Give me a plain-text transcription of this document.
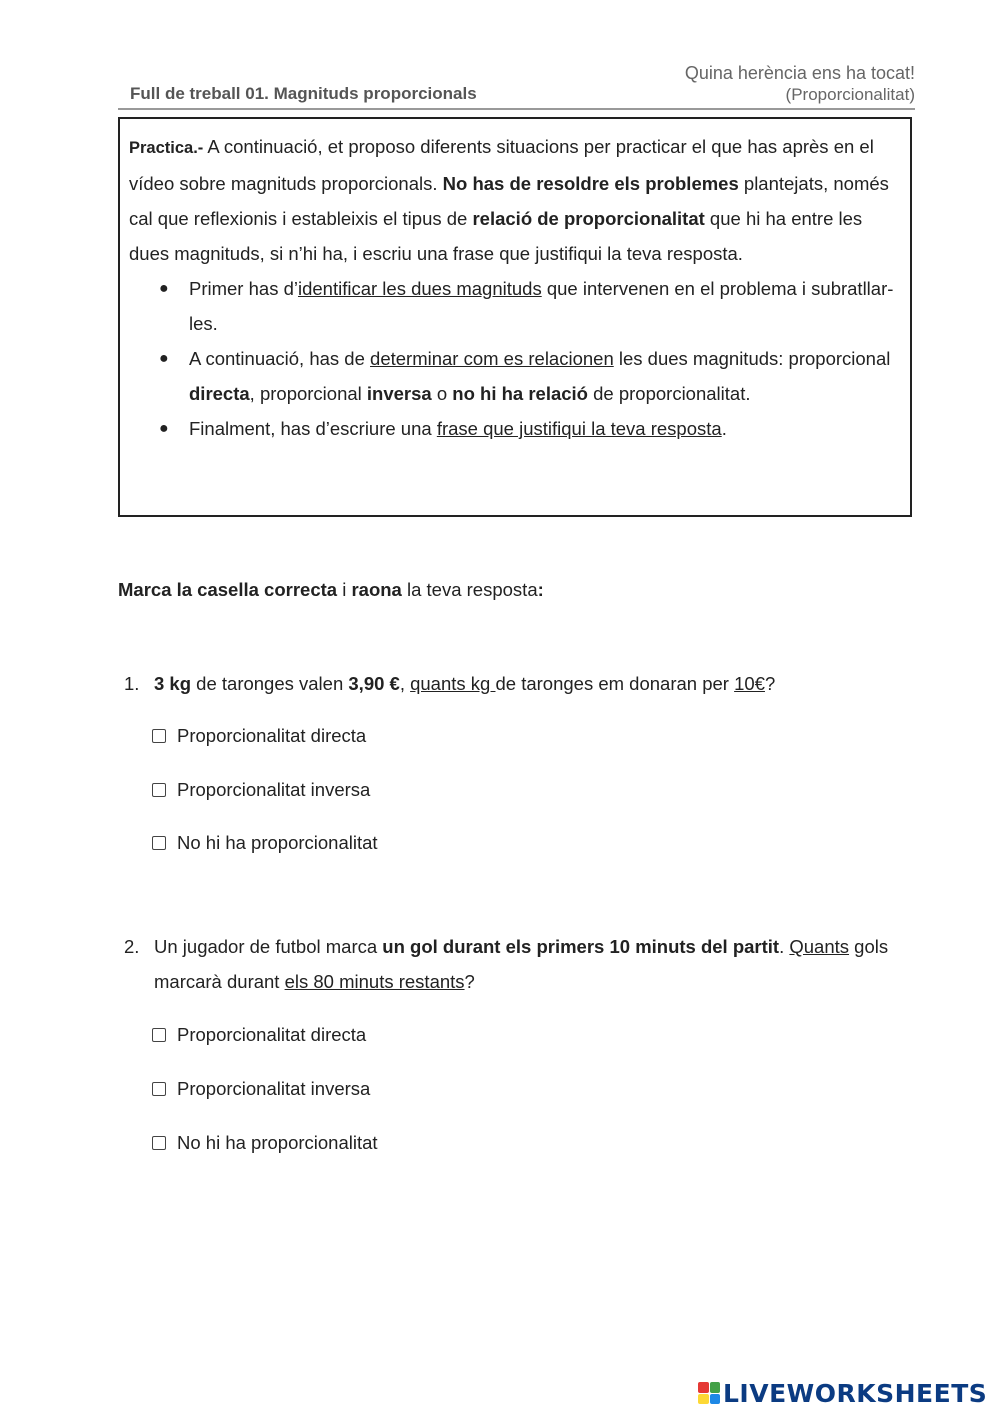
Full de treball 01. Magnituds proporcionals
Quina herència ens ha tocat!
(Proporcionalitat)
Practica.- A continuació, et proposo diferents situacions per practicar el que has après en el vídeo sobre magnituds proporcionals. No has de resoldre els problemes plantejats, només cal que reflexionis i estableixis el tipus de relació de proporcionalitat que hi ha entre les dues magnituds, si n’hi ha, i escriu una frase que justifiqui la teva resposta.
● Primer has d’identificar les dues magnituds que intervenen en el problema i subratllar-les.
● A continuació, has de determinar com es relacionen les dues magnituds: proporcional directa, proporcional inversa o no hi ha relació de proporcionalitat.
● Finalment, has d’escriure una frase que justifiqui la teva resposta.
Marca la casella correcta i raona la teva resposta:
1. 3 kg de taronges valen 3,90 €, quants kg de taronges em donaran per 10€?
Proporcionalitat directa
Proporcionalitat inversa
No hi ha proporcionalitat
2. Un jugador de futbol marca un gol durant els primers 10 minuts del partit. Quants gols marcarà durant els 80 minuts restants?
Proporcionalitat directa
Proporcionalitat inversa
No hi ha proporcionalitat
LIVEWORKSHEETS
